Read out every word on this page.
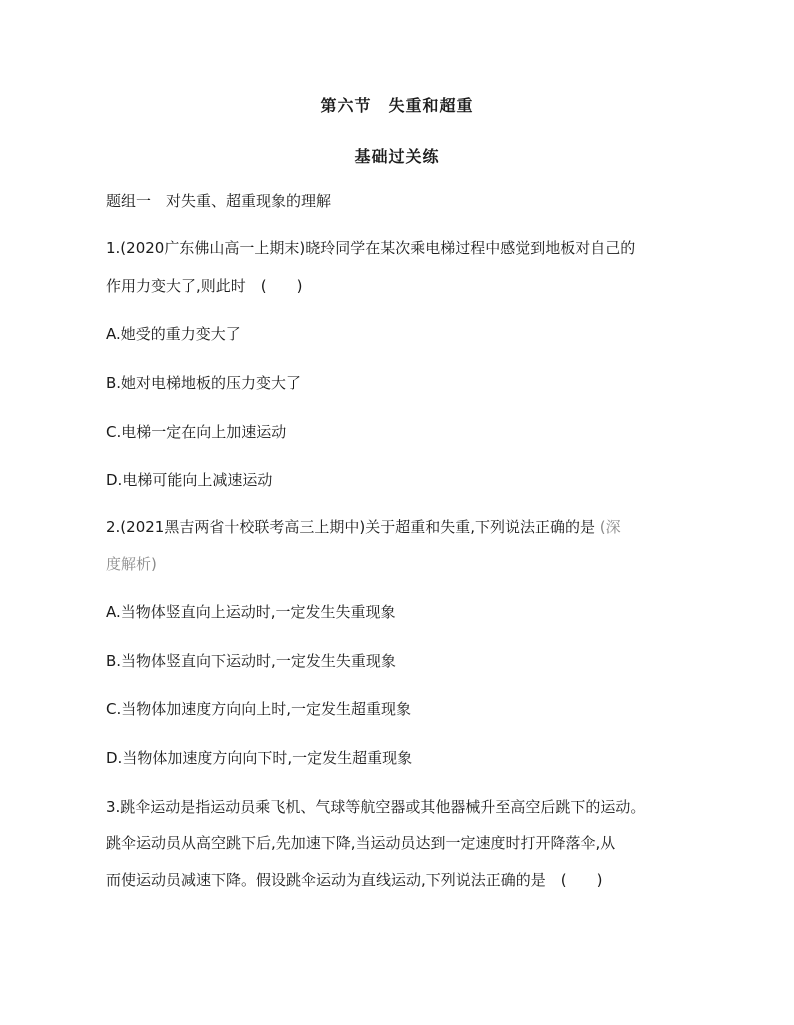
第六节　失重和超重
基础过关练
题组一　对失重、超重现象的理解
1.(2020广东佛山高一上期末)晓玲同学在某次乘电梯过程中感觉到地板对自己的
作用力变大了,则此时　(　　)
A.她受的重力变大了
B.她对电梯地板的压力变大了
C.电梯一定在向上加速运动
D.电梯可能向上减速运动
2.(2021黑吉两省十校联考高三上期中)关于超重和失重,下列说法正确的是 (深
度解析)
A.当物体竖直向上运动时,一定发生失重现象
B.当物体竖直向下运动时,一定发生失重现象
C.当物体加速度方向向上时,一定发生超重现象
D.当物体加速度方向向下时,一定发生超重现象
3.跳伞运动是指运动员乘飞机、气球等航空器或其他器械升至高空后跳下的运动。
跳伞运动员从高空跳下后,先加速下降,当运动员达到一定速度时打开降落伞,从
而使运动员减速下降。假设跳伞运动为直线运动,下列说法正确的是　(　　)
